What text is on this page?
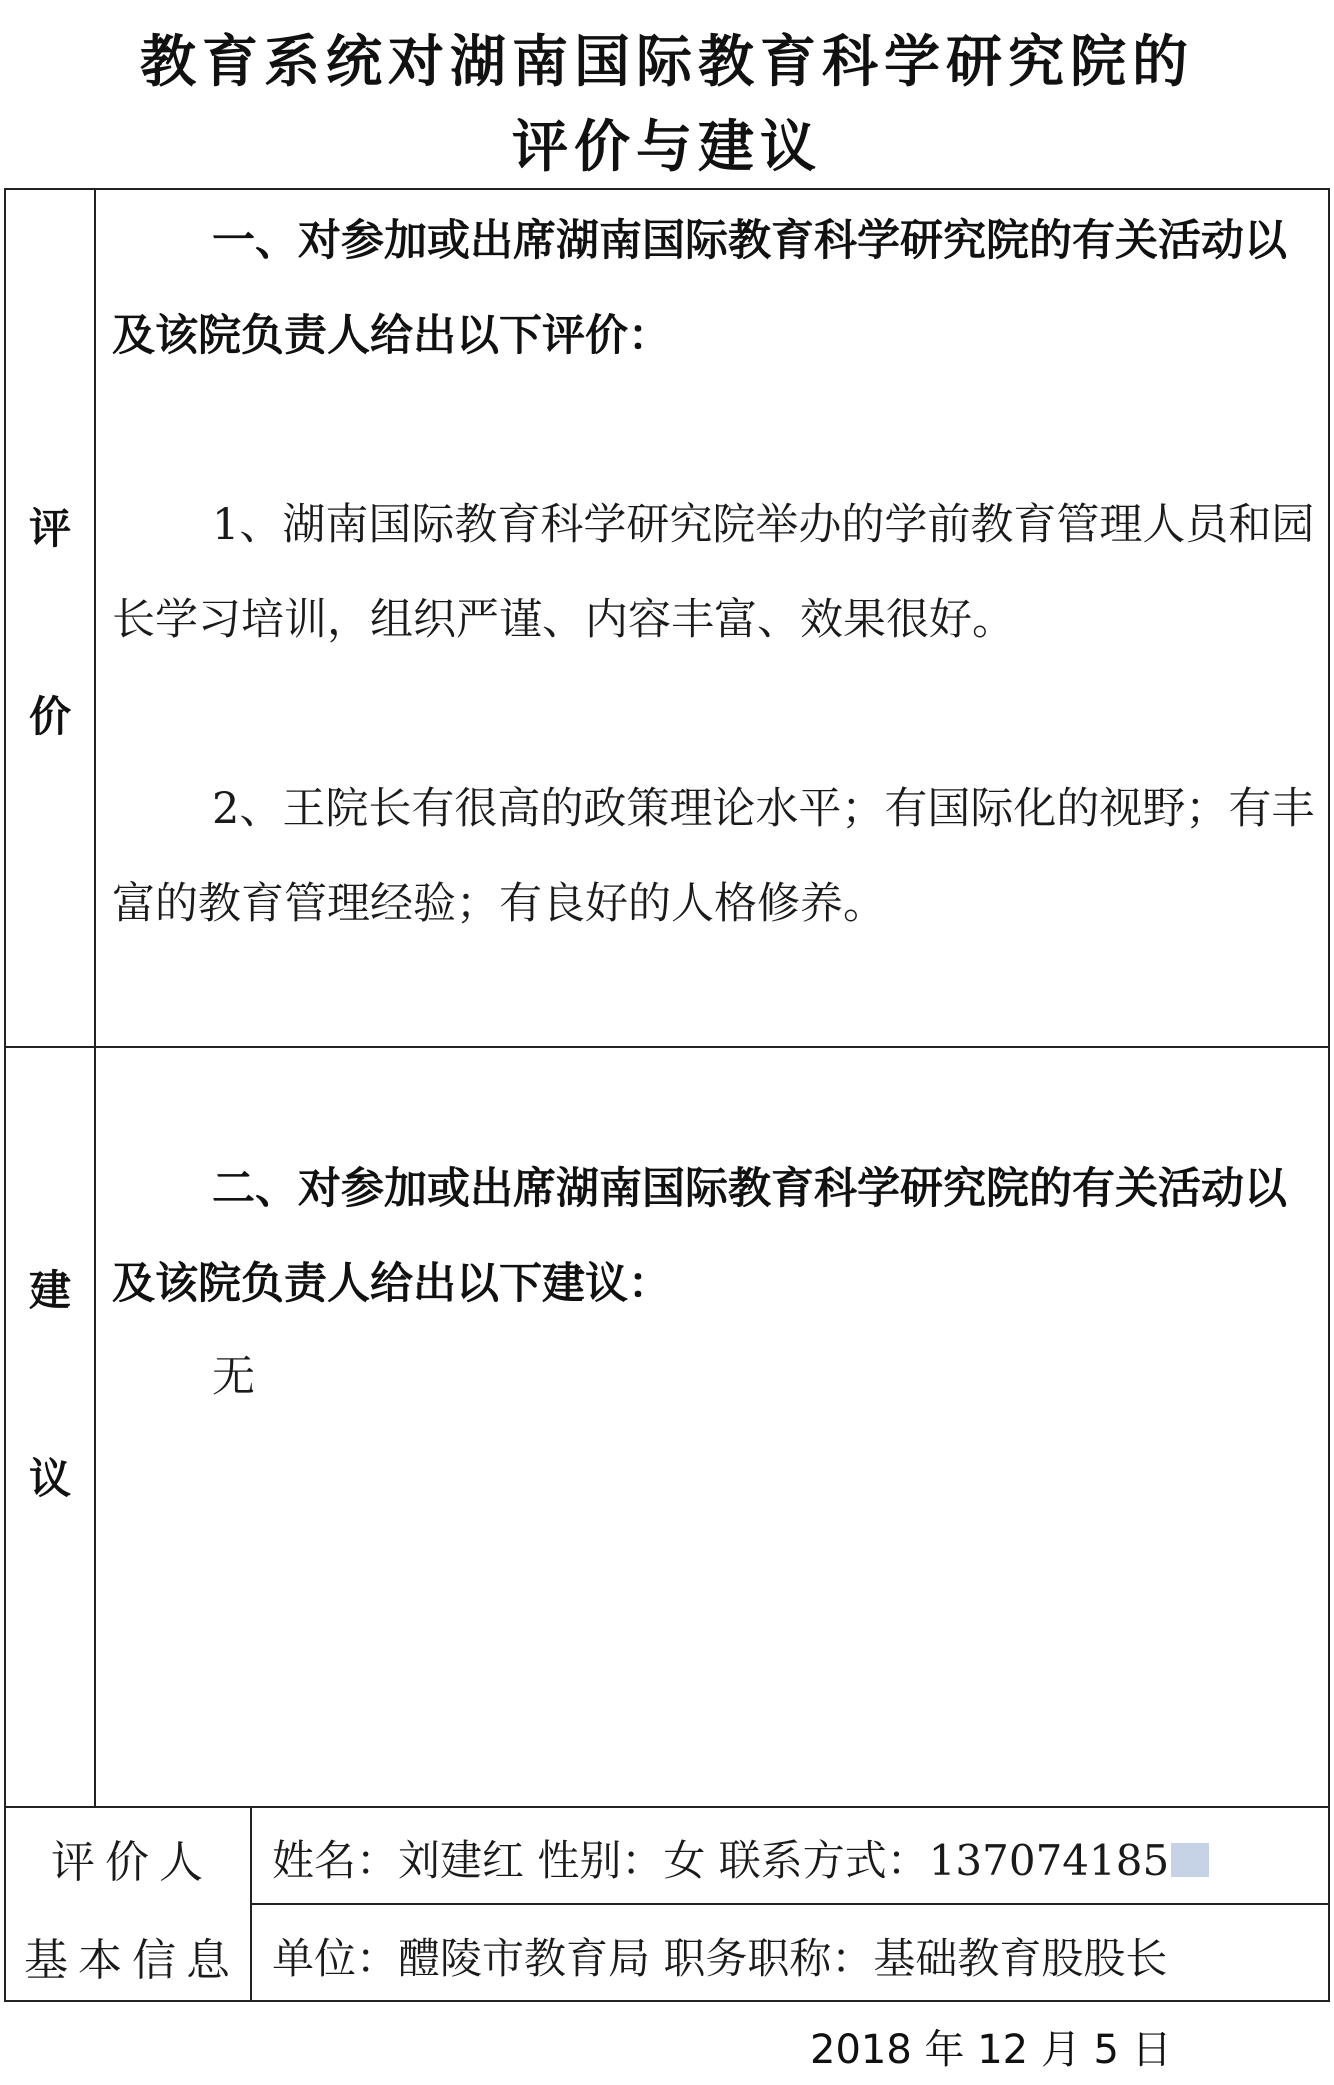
教育系统对湖南国际教育科学研究院的
评价与建议
评
价
一、对参加或出席湖南国际教育科学研究院的有关活动以及该院负责人给出以下评价：
1、湖南国际教育科学研究院举办的学前教育管理人员和园长学习培训，组织严谨、内容丰富、效果很好。
2、王院长有很高的政策理论水平；有国际化的视野；有丰富的教育管理经验；有良好的人格修养。
建
议
二、对参加或出席湖南国际教育科学研究院的有关活动以及该院负责人给出以下建议：
无
评价人
基本信息
姓名：刘建红 性别：女 联系方式：137074185
单位：醴陵市教育局 职务职称：基础教育股股长
2018 年 12 月 5 日
